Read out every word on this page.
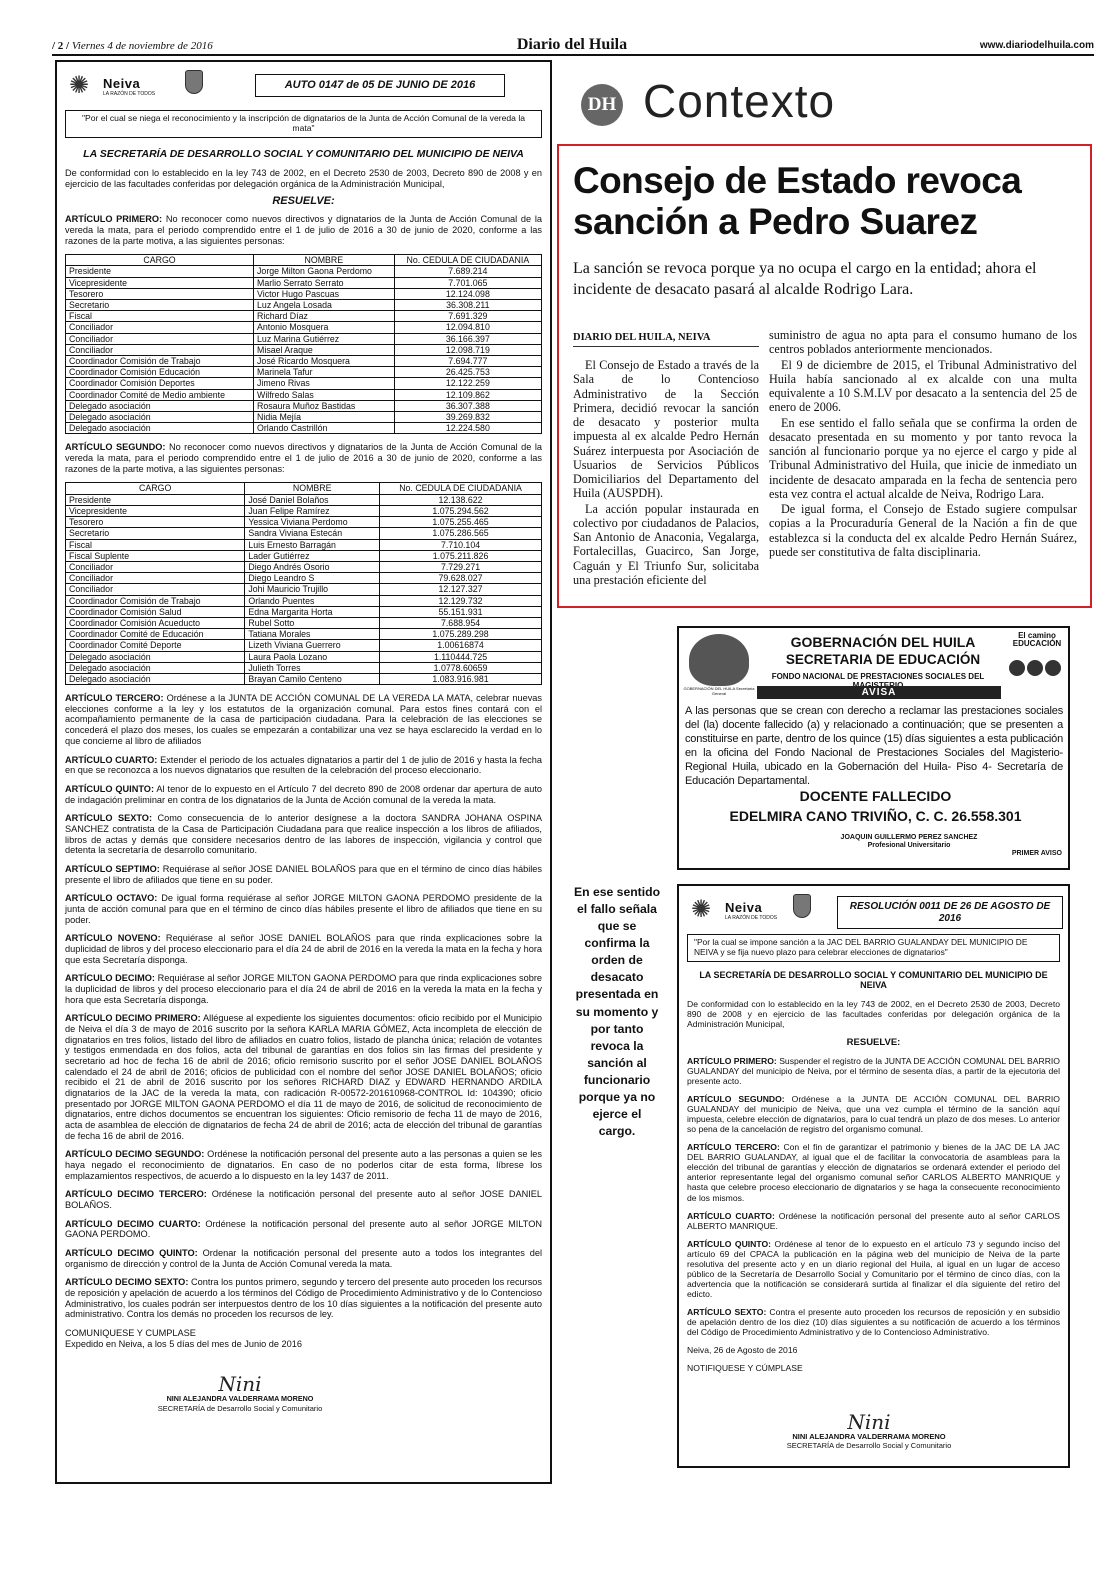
/ 2 / Viernes 4 de noviembre de 2016	Diario del Huila	www.diariodelhuila.com
✺ Neiva
LA RAZÓN DE TODOS
AUTO 0147 de 05 DE JUNIO DE 2016
"Por el cual se niega el reconocimiento y la inscripción de dignatarios de la Junta de Acción Comunal de la vereda la mata"
LA SECRETARÍA DE DESARROLLO SOCIAL Y COMUNITARIO DEL MUNICIPIO DE NEIVA
De conformidad con lo establecido en la ley 743 de 2002, en el Decreto 2530 de 2003, Decreto 890 de 2008 y en ejercicio de las facultades conferidas por delegación orgánica de la Administración Municipal,
RESUELVE:
ARTÍCULO PRIMERO: No reconocer como nuevos directivos y dignatarios de la Junta de Acción Comunal de la vereda la mata, para el periodo comprendido entre el 1 de julio de 2016 a 30 de junio de 2020, conforme a las razones de la parte motiva, a las siguientes personas:
CARGO	NOMBRE	No. CEDULA DE CIUDADANIA
Presidente	Jorge Milton Gaona Perdomo	7.689.214
Vicepresidente	Marlio Serrato Serrato	7.701.065
Tesorero	Victor Hugo Pascuas	12.124.098
Secretario	Luz Angela Losada	36.308.211
Fiscal	Richard Díaz	7.691.329
Conciliador	Antonio Mosquera	12.094.810
Conciliador	Luz Marina Gutiérrez	36.166.397
Conciliador	Misael Araque	12.098.719
Coordinador Comisión de Trabajo	José Ricardo Mosquera	7.694.777
Coordinador Comisión Educación	Marinela Tafur	26.425.753
Coordinador Comisión Deportes	Jimeno Rivas	12.122.259
Coordinador Comité de Medio ambiente	Wilfredo Salas	12.109.862
Delegado asociación	Rosaura Muñoz Bastidas	36.307.388
Delegado asociación	Nidia Mejía	39.269.832
Delegado asociación	Orlando Castrillón	12.224.580
ARTÍCULO SEGUNDO: No reconocer como nuevos directivos y dignatarios de la Junta de Acción Comunal de la vereda la mata, para el periodo comprendido entre el 1 de julio de 2016 a 30 de junio de 2020, conforme a las razones de la parte motiva, a las siguientes personas:
CARGO	NOMBRE	No. CEDULA DE CIUDADANIA
Presidente	José Daniel Bolaños	12.138.622
Vicepresidente	Juan Felipe Ramírez	1.075.294.562
Tesorero	Yessica Viviana Perdomo	1.075.255.465
Secretario	Sandra Viviana Estecán	1.075.286.565
Fiscal	Luis Ernesto Barragán	7.710.104
Fiscal Suplente	Lader Gutiérrez	1.075.211.826
Conciliador	Diego Andrés Osorio	7.729.271
Conciliador	Diego Leandro S	79.628.027
Conciliador	Johi Mauricio Trujillo	12.127.327
Coordinador Comisión de Trabajo	Orlando Puentes	12.129.732
Coordinador Comisión Salud	Edna Margarita Horta	55.151.931
Coordinador Comisión Acueducto	Rubel Sotto	7.688.954
Coordinador Comité de Educación	Tatiana Morales	1.075.289.298
Coordinador Comité Deporte	Lizeth Viviana Guerrero	1.00616874
Delegado asociación	Laura Paola Lozano	1.110444.725
Delegado asociación	Julieth Torres	1.0778.60659
Delegado asociación	Brayan Camilo Centeno	1.083.916.981
ARTÍCULO TERCERO: Ordénese a la JUNTA DE ACCIÓN COMUNAL DE LA VEREDA LA MATA, celebrar nuevas elecciones conforme a la ley y los estatutos de la organización comunal. Para estos fines contará con el acompañamiento permanente de la casa de participación ciudadana. Para la celebración de las elecciones se concederá el plazo dos meses, los cuales se empezarán a contabilizar una vez se haya esclarecido la verdad en lo que concierne al libro de afiliados
ARTÍCULO CUARTO: Extender el periodo de los actuales dignatarios a partir del 1 de julio de 2016 y hasta la fecha en que se reconozca a los nuevos dignatarios que resulten de la celebración del proceso eleccionario.
ARTÍCULO QUINTO: Al tenor de lo expuesto en el Artículo 7 del decreto 890 de 2008 ordenar dar apertura de auto de indagación preliminar en contra de los dignatarios de la Junta de Acción comunal de la vereda la mata.
ARTÍCULO SEXTO: Como consecuencia de lo anterior desígnese a la doctora SANDRA JOHANA OSPINA SANCHEZ contratista de la Casa de Participación Ciudadana para que realice inspección a los libros de afiliados, libros de actas y demás que considere necesarios dentro de las labores de inspección, vigilancia y control que detenta la secretaría de desarrollo comunitario.
ARTÍCULO SEPTIMO: Requiérase al señor JOSE DANIEL BOLAÑOS para que en el término de cinco días hábiles presente el libro de afiliados que tiene en su poder.
ARTÍCULO OCTAVO: De igual forma requiérase al señor JORGE MILTON GAONA PERDOMO presidente de la junta de acción comunal para que en el término de cinco días hábiles presente el libro de afiliados que tiene en su poder.
ARTÍCULO NOVENO: Requiérase al señor JOSE DANIEL BOLAÑOS para que rinda explicaciones sobre la duplicidad de libros y del proceso eleccionario para el día 24 de abril de 2016 en la vereda la mata en la fecha y hora que esta Secretaría disponga.
ARTÍCULO DECIMO: Requiérase al señor JORGE MILTON GAONA PERDOMO para que rinda explicaciones sobre la duplicidad de libros y del proceso eleccionario para el día 24 de abril de 2016 en la vereda la mata en la fecha y hora que esta Secretaría disponga.
ARTÍCULO DECIMO PRIMERO: Alléguese al expediente los siguientes documentos: oficio recibido por el Municipio de Neiva el día 3 de mayo de 2016 suscrito por la señora KARLA MARIA GÓMEZ, Acta incompleta de elección de dignatarios en tres folios, listado del libro de afiliados en cuatro folios, listado de plancha única; relación de votantes y testigos enmendada en dos folios, acta del tribunal de garantías en dos folios sin las firmas del presidente y secretario ad hoc de fecha 16 de abril de 2016; oficio remisorio suscrito por el señor JOSE DANIEL BOLAÑOS calendado el 24 de abril de 2016; oficios de publicidad con el nombre del señor JOSE DANIEL BOLAÑOS; oficio recibido el 21 de abril de 2016 suscrito por los señores RICHARD DIAZ y EDWARD HERNANDO ARDILA dignatarios de la JAC de la vereda la mata, con radicación R-00572-201610968-CONTROL Id: 104390; oficio presentado por JORGE MILTON GAONA PERDOMO el día 11 de mayo de 2016, de solicitud de reconocimiento de dignatarios, entre dichos documentos se encuentran los siguientes: Oficio remisorio de fecha 11 de mayo de 2016, acta de asamblea de elección de dignatarios de fecha 24 de abril de 2016; acta de elección del tribunal de garantías de fecha 16 de abril de 2016.
ARTÍCULO DECIMO SEGUNDO: Ordénese la notificación personal del presente auto a las personas a quien se les haya negado el reconocimiento de dignatarios. En caso de no poderlos citar de esta forma, líbrese los emplazamientos respectivos, de acuerdo a lo dispuesto en la ley 1437 de 2011.
ARTÍCULO DECIMO TERCERO: Ordénese la notificación personal del presente auto al señor JOSE DANIEL BOLAÑOS.
ARTÍCULO DECIMO CUARTO: Ordénese la notificación personal del presente auto al señor JORGE MILTON GAONA PERDOMO.
ARTÍCULO DECIMO QUINTO: Ordenar la notificación personal del presente auto a todos los integrantes del organismo de dirección y control de la Junta de Acción Comunal vereda la mata.
ARTÍCULO DECIMO SEXTO: Contra los puntos primero, segundo y tercero del presente auto proceden los recursos de reposición y apelación de acuerdo a los términos del Código de Procedimiento Administrativo y de lo Contencioso Administrativo, los cuales podrán ser interpuestos dentro de los 10 días siguientes a la notificación del presente auto administrativo. Contra los demás no proceden los recursos de ley.
COMUNIQUESE Y CUMPLASE
Expedido en Neiva, a los 5 días del mes de Junio de 2016
Nini
NINI ALEJANDRA VALDERRAMA MORENO
SECRETARÍA de Desarrollo Social y Comunitario
DH Contexto
Consejo de Estado revoca sanción a Pedro Suarez
La sanción se revoca porque ya no ocupa el cargo en la entidad; ahora el incidente de desacato pasará al alcalde Rodrigo Lara.
DIARIO DEL HUILA, NEIVA

El Consejo de Estado a través de la Sala de lo Contencioso Administrativo de la Sección Primera, decidió revocar la sanción de desacato y posterior multa impuesta al ex alcalde Pedro Hernán Suárez interpuesta por Asociación de Usuarios de Servicios Públicos Domiciliarios del Departamento del Huila (AUSPDH).

La acción popular instaurada en colectivo por ciudadanos de Palacios, San Antonio de Anaconia, Vegalarga, Fortalecillas, Guacirco, San Jorge, Caguán y El Triunfo Sur, solicitaba una prestación eficiente del

suministro de agua no apta para el consumo humano de los centros poblados anteriormente mencionados.

El 9 de diciembre de 2015, el Tribunal Administrativo del Huila había sancionado al ex alcalde con una multa equivalente a 10 S.M.LV por desacato a la sentencia del 25 de enero de 2006.

En ese sentido el fallo señala que se confirma la orden de desacato presentada en su momento y por tanto revoca la sanción al funcionario porque ya no ejerce el cargo y pide al Tribunal Administrativo del Huila, que inicie de inmediato un incidente de desacato amparada en la fecha de sentencia pero esta vez contra el actual alcalde de Neiva, Rodrigo Lara.

De igual forma, el Consejo de Estado sugiere compulsar copias a la Procuraduría General de la Nación a fin de que establezca si la conducta del ex alcalde Pedro Hernán Suárez, puede ser constitutiva de falta disciplinaria.

En ese sentido el fallo señala que se confirma la orden de desacato presentada en su momento y por tanto revoca la sanción al funcionario porque ya no ejerce el cargo.
GOBERNACIÓN DEL HUILA Secretaría General
GOBERNACIÓN DEL HUILA
SECRETARIA DE EDUCACIÓN
FONDO NACIONAL DE PRESTACIONES SOCIALES DEL
AVISA
El camino EDUCACIÓN
A las personas que se crean con derecho a reclamar las prestaciones sociales del (la) docente fallecido (a) y relacionado a continuación; que se presenten a constituirse en parte, dentro de los quince (15) días siguientes a esta publicación en la oficina del Fondo Nacional de Prestaciones Sociales del Magisterio- Regional Huila, ubicado en la Gobernación del Huila- Piso 4- Secretaría de Educación Departamental.
DOCENTE FALLECIDO
EDELMIRA CANO TRIVIÑO, C. C. 26.558.301
JOAQUIN GUILLERMO PEREZ SANCHEZ
Profesional Universitario
PRIMER AVISO
✺ Neiva
LA RAZÓN DE TODOS
RESOLUCIÓN 0011 DE 26 DE AGOSTO DE 2016
"Por la cual se impone sanción a la JAC DEL BARRIO GUALANDAY DEL MUNICIPIO DE NEIVA y se fija nuevo plazo para celebrar elecciones de dignatarios"
LA SECRETARÍA DE DESARROLLO SOCIAL Y COMUNITARIO DEL MUNICIPIO DE NEIVA
De conformidad con lo establecido en la ley 743 de 2002, en el Decreto 2530 de 2003, Decreto 890 de 2008 y en ejercicio de las facultades conferidas por delegación orgánica de la Administración Municipal,
RESUELVE:
ARTÍCULO PRIMERO: Suspender el registro de la JUNTA DE ACCIÓN COMUNAL DEL BARRIO GUALANDAY del municipio de Neiva, por el término de sesenta días, a partir de la ejecutoria del presente acto.
ARTÍCULO SEGUNDO: Ordénese a la JUNTA DE ACCIÓN COMUNAL DEL BARRIO GUALANDAY del municipio de Neiva, que una vez cumpla el término de la sanción aquí impuesta, celebre elección de dignatarios, para lo cual tendrá un plazo de dos meses. Lo anterior so pena de la cancelación de registro del organismo comunal.
ARTÍCULO TERCERO: Con el fin de garantizar el patrimonio y bienes de la JAC DE LA JAC DEL BARRIO GUALANDAY, al igual que el de facilitar la convocatoria de asambleas para la elección del tribunal de garantías y elección de dignatarios se ordenará extender el periodo del anterior representante legal del organismo comunal señor CARLOS ALBERTO MANRIQUE y hasta que celebre proceso eleccionario de dignatarios y se haga la consecuente reconocimiento de los mismos.
ARTÍCULO CUARTO: Ordénese la notificación personal del presente auto al señor CARLOS ALBERTO MANRIQUE.
ARTÍCULO QUINTO: Ordénese al tenor de lo expuesto en el artículo 73 y segundo inciso del artículo 69 del CPACA la publicación en la página web del municipio de Neiva de la parte resolutiva del presente acto y en un diario regional del Huila, al igual en un lugar de acceso público de la Secretaría de Desarrollo Social y Comunitario por el término de cinco días, con la advertencia que la notificación se considerará surtida al finalizar el día siguiente del retiro del edicto.
ARTÍCULO SEXTO: Contra el presente auto proceden los recursos de reposición y en subsidio de apelación dentro de los diez (10) días siguientes a su notificación de acuerdo a los términos del Código de Procedimiento Administrativo y de lo Contencioso Administrativo.
Neiva, 26 de Agosto de 2016
NOTIFIQUESE Y CÚMPLASE
Nini
NINI ALEJANDRA VALDERRAMA MORENO
SECRETARÍA de Desarrollo Social y Comunitario
